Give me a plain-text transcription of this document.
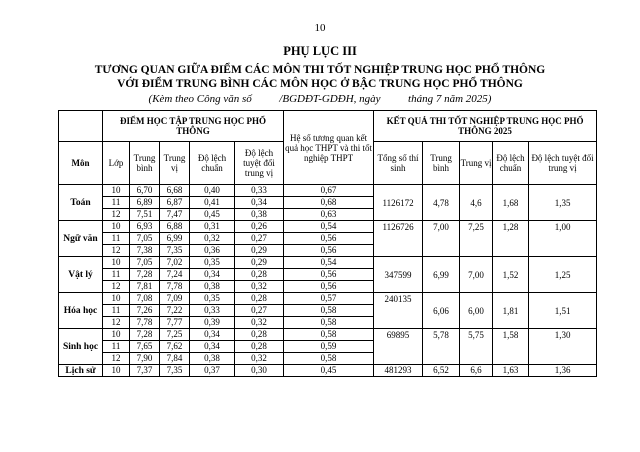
10
PHỤ LỤC III
TƯƠNG QUAN GIỮA ĐIỂM CÁC MÔN THI TỐT NGHIỆP TRUNG HỌC PHỔ THÔNG
VỚI ĐIỂM TRUNG BÌNH CÁC MÔN HỌC Ở BẬC TRUNG HỌC PHỔ THÔNG
(Kèm theo Công văn số          /BGDĐT-GDĐH, ngày          tháng 7 năm 2025)
	ĐIỂM HỌC TẬP TRUNG HỌC PHỔ THÔNG					Hệ số tương quan kết quả học THPT và thi tốt nghiệp THPT	KẾT QUẢ THI TỐT NGHIỆP TRUNG HỌC PHỔ THÔNG 2025				
Môn	Lớp	Trung bình	Trung vị	Độ lệch chuẩn	Độ lệch tuyệt đối trung vị		Tổng số thí sinh	Trung bình	Trung vị	Độ lệch chuẩn	Độ lệch tuyệt đối trung vị
Toán	10	6,70	6,68	0,40	0,33	0,67	1126172	4,78	4,6	1,68	1,35
	11	6,89	6,87	0,41	0,34	0,68					
	12	7,51	7,47	0,45	0,38	0,63					
Ngữ văn	10	6,93	6,88	0,31	0,26	0,54	1126726	7,00	7,25	1,28	1,00
	11	7,05	6,99	0,32	0,27	0,56					
	12	7,38	7,35	0,36	0,29	0,56					
Vật lý	10	7,05	7,02	0,35	0,29	0,54	347599	6,99	7,00	1,52	1,25
	11	7,28	7,24	0,34	0,28	0,56					
	12	7,81	7,78	0,38	0,32	0,56					
Hóa học	10	7,08	7,09	0,35	0,28	0,57	240135	6,06	6,00	1,81	1,51
	11	7,26	7,22	0,33	0,27	0,58					
	12	7,78	7,77	0,39	0,32	0,58					
Sinh học	10	7,28	7,25	0,34	0,28	0,58	69895	5,78	5,75	1,58	1,30
	11	7,65	7,62	0,34	0,28	0,59					
	12	7,90	7,84	0,38	0,32	0,58					
Lịch sử	10	7,37	7,35	0,37	0,30	0,45	481293	6,52	6,6	1,63	1,36
